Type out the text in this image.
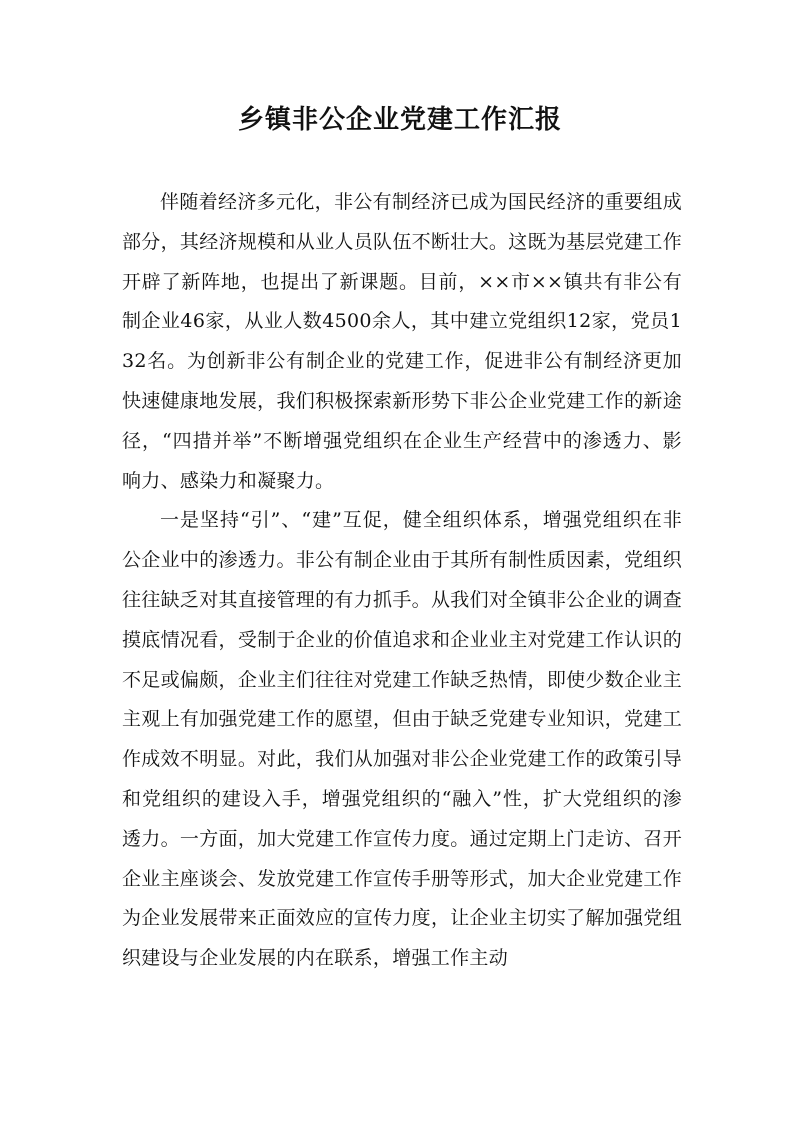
乡镇非公企业党建工作汇报

伴随着经济多元化，非公有制经济已成为国民经济的重要组成部分，其经济规模和从业人员队伍不断壮大。这既为基层党建工作开辟了新阵地，也提出了新课题。目前，××市××镇共有非公有制企业46家，从业人数4500余人，其中建立党组织12家，党员132名。为创新非公有制企业的党建工作，促进非公有制经济更加快速健康地发展，我们积极探索新形势下非公企业党建工作的新途径，“四措并举”不断增强党组织在企业生产经营中的渗透力、影响力、感染力和凝聚力。

一是坚持“引”、“建”互促，健全组织体系，增强党组织在非公企业中的渗透力。非公有制企业由于其所有制性质因素，党组织往往缺乏对其直接管理的有力抓手。从我们对全镇非公企业的调查摸底情况看，受制于企业的价值追求和企业业主对党建工作认识的不足或偏颇，企业主们往往对党建工作缺乏热情，即使少数企业主主观上有加强党建工作的愿望，但由于缺乏党建专业知识，党建工作成效不明显。对此，我们从加强对非公企业党建工作的政策引导和党组织的建设入手，增强党组织的“融入”性，扩大党组织的渗透力。一方面，加大党建工作宣传力度。通过定期上门走访、召开企业主座谈会、发放党建工作宣传手册等形式，加大企业党建工作为企业发展带来正面效应的宣传力度，让企业主切实了解加强党组织建设与企业发展的内在联系，增强工作主动
